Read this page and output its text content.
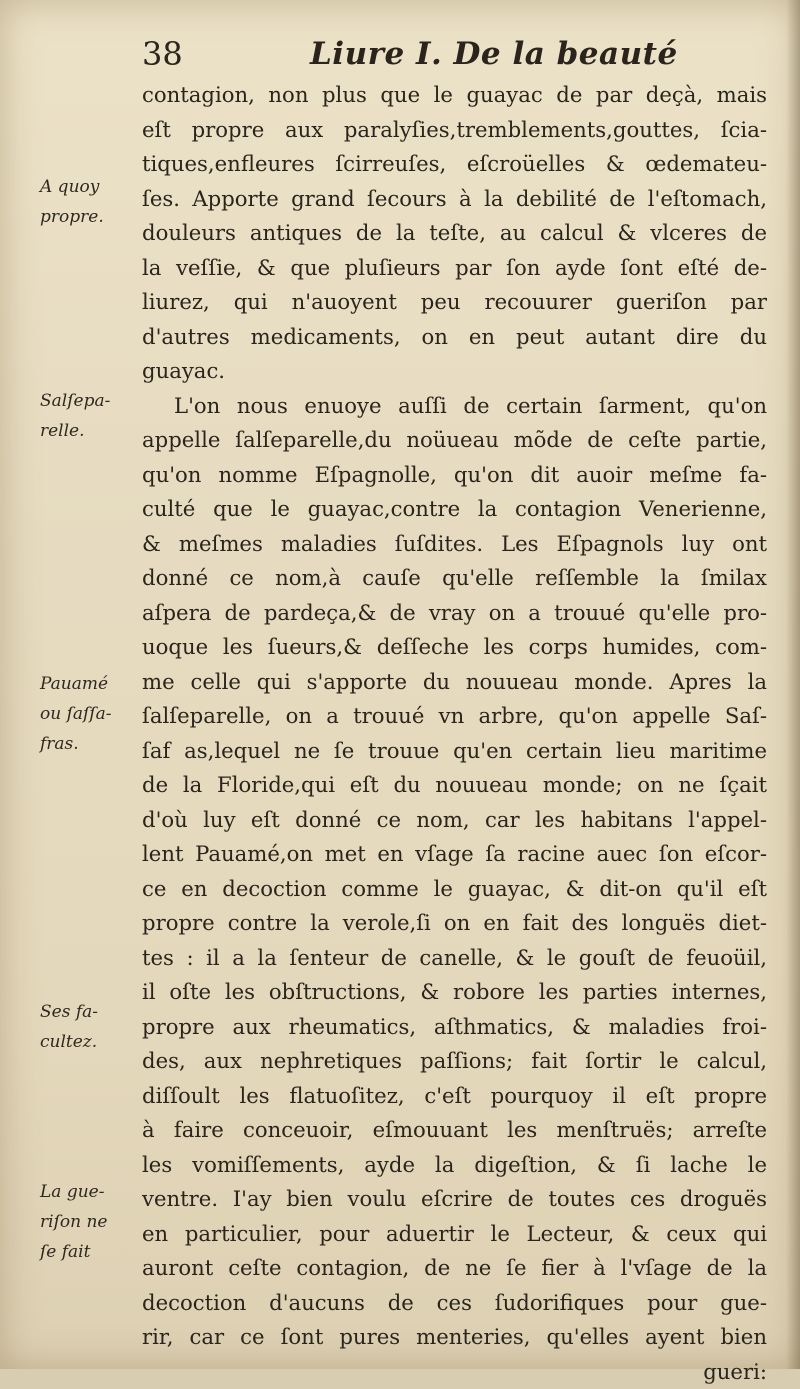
38	Liure I. De la beauté
A quoy
propre.
Salſepa-
relle.
Pauamé
ou ſaſſa-
fras.
Ses fa-
cultez.
La gue-
riſon ne
ſe fait
contagion, non plus que le guayac de par deçà, mais
eſt propre aux paralyſies,tremblements,gouttes, ſcia-
tiques,enfleures ſcirreuſes, eſcroüelles & œdemateu-
ſes. Apporte grand ſecours à la debilité de l'eſtomach,
douleurs antiques de la teſte, au calcul & vlceres de
la veſſie, & que pluſieurs par ſon ayde ſont eſté de-
liurez, qui n'auoyent peu recouurer gueriſon par
d'autres medicaments, on en peut autant dire du
guayac.
L'on nous enuoye auſſi de certain ſarment, qu'on
appelle ſalſeparelle,du noüueau mõde de ceſte partie,
qu'on nomme Eſpagnolle, qu'on dit auoir meſme fa-
culté que le guayac,contre la contagion Venerienne,
& meſmes maladies ſuſdites. Les Eſpagnols luy ont
donné ce nom,à cauſe qu'elle reſſemble la ſmilax
aſpera de pardeça,& de vray on a trouué qu'elle pro-
uoque les ſueurs,& deſſeche les corps humides, com-
me celle qui s'apporte du nouueau monde. Apres la
ſalſeparelle, on a trouué vn arbre, qu'on appelle Saſ-
ſaf as,lequel ne ſe trouue qu'en certain lieu maritime
de la Floride,qui eſt du nouueau monde; on ne ſçait
d'où luy eſt donné ce nom, car les habitans l'appel-
lent Pauamé,on met en vſage ſa racine auec ſon eſcor-
ce en decoction comme le guayac, & dit-on qu'il eſt
propre contre la verole,ſi on en fait des longuës diet-
tes : il a la ſenteur de canelle, & le gouſt de feuoüil,
il oſte les obſtructions, & robore les parties internes,
propre aux rheumatics, aſthmatics, & maladies froi-
des, aux nephretiques paſſions; fait ſortir le calcul,
diſſoult les flatuoſitez, c'eſt pourquoy il eſt propre
à faire conceuoir, eſmouuant les menſtruës; arreſte
les vomiſſements, ayde la digeſtion, & ſi lache le
ventre. I'ay bien voulu eſcrire de toutes ces droguës
en particulier, pour aduertir le Lecteur, & ceux qui
auront ceſte contagion, de ne ſe fier à l'vſage de la
decoction d'aucuns de ces ſudorifiques pour gue-
rir, car ce ſont pures menteries, qu'elles ayent bien
gueri:
